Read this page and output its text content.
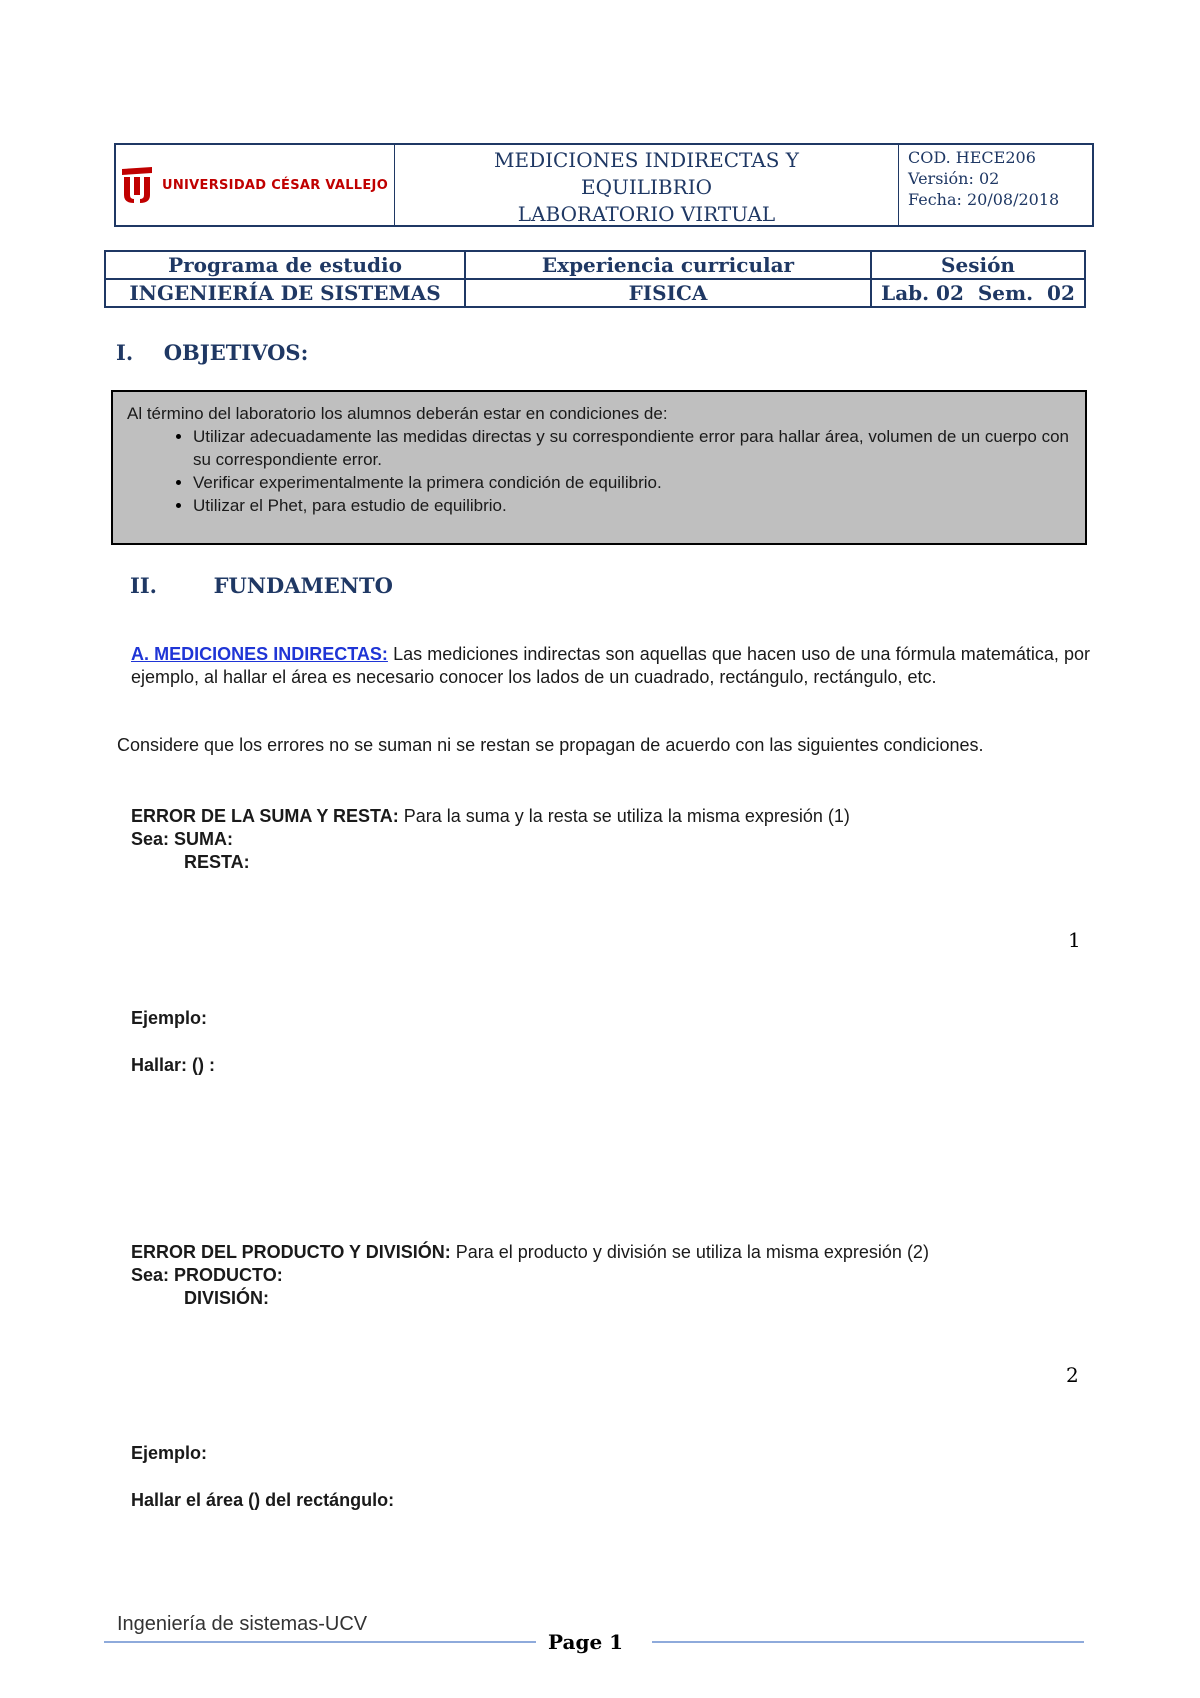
UNIVERSIDAD CÉSAR VALLEJO
MEDICIONES INDIRECTAS Y
EQUILIBRIO
LABORATORIO VIRTUAL
COD. HECE206
Versión: 02
Fecha: 20/08/2018
Programa de estudio	Experiencia curricular	Sesión
INGENIERÍA DE SISTEMAS	FISICA	Lab. 02  Sem.  02
I. OBJETIVOS:
Al término del laboratorio los alumnos deberán estar en condiciones de:
• Utilizar adecuadamente las medidas directas y su correspondiente error para hallar área, volumen de un cuerpo con su correspondiente error.
• Verificar experimentalmente la primera condición de equilibrio.
• Utilizar el Phet, para estudio de equilibrio.
II.	FUNDAMENTO
A. MEDICIONES INDIRECTAS: Las mediciones indirectas son aquellas que hacen uso de una fórmula matemática, por ejemplo, al hallar el área es necesario conocer los lados de un cuadrado, rectángulo, rectángulo, etc.
Considere que los errores no se suman ni se restan se propagan de acuerdo con las siguientes condiciones.
ERROR DE LA SUMA Y RESTA: Para la suma y la resta se utiliza la misma expresión (1)
Sea: SUMA:
RESTA:
1
Ejemplo:
Hallar: () :
ERROR DEL PRODUCTO Y DIVISIÓN: Para el producto y división se utiliza la misma expresión (2)
Sea: PRODUCTO:
DIVISIÓN:
2
Ejemplo:
Hallar el área () del rectángulo:
Ingeniería de sistemas-UCV
Page 1
